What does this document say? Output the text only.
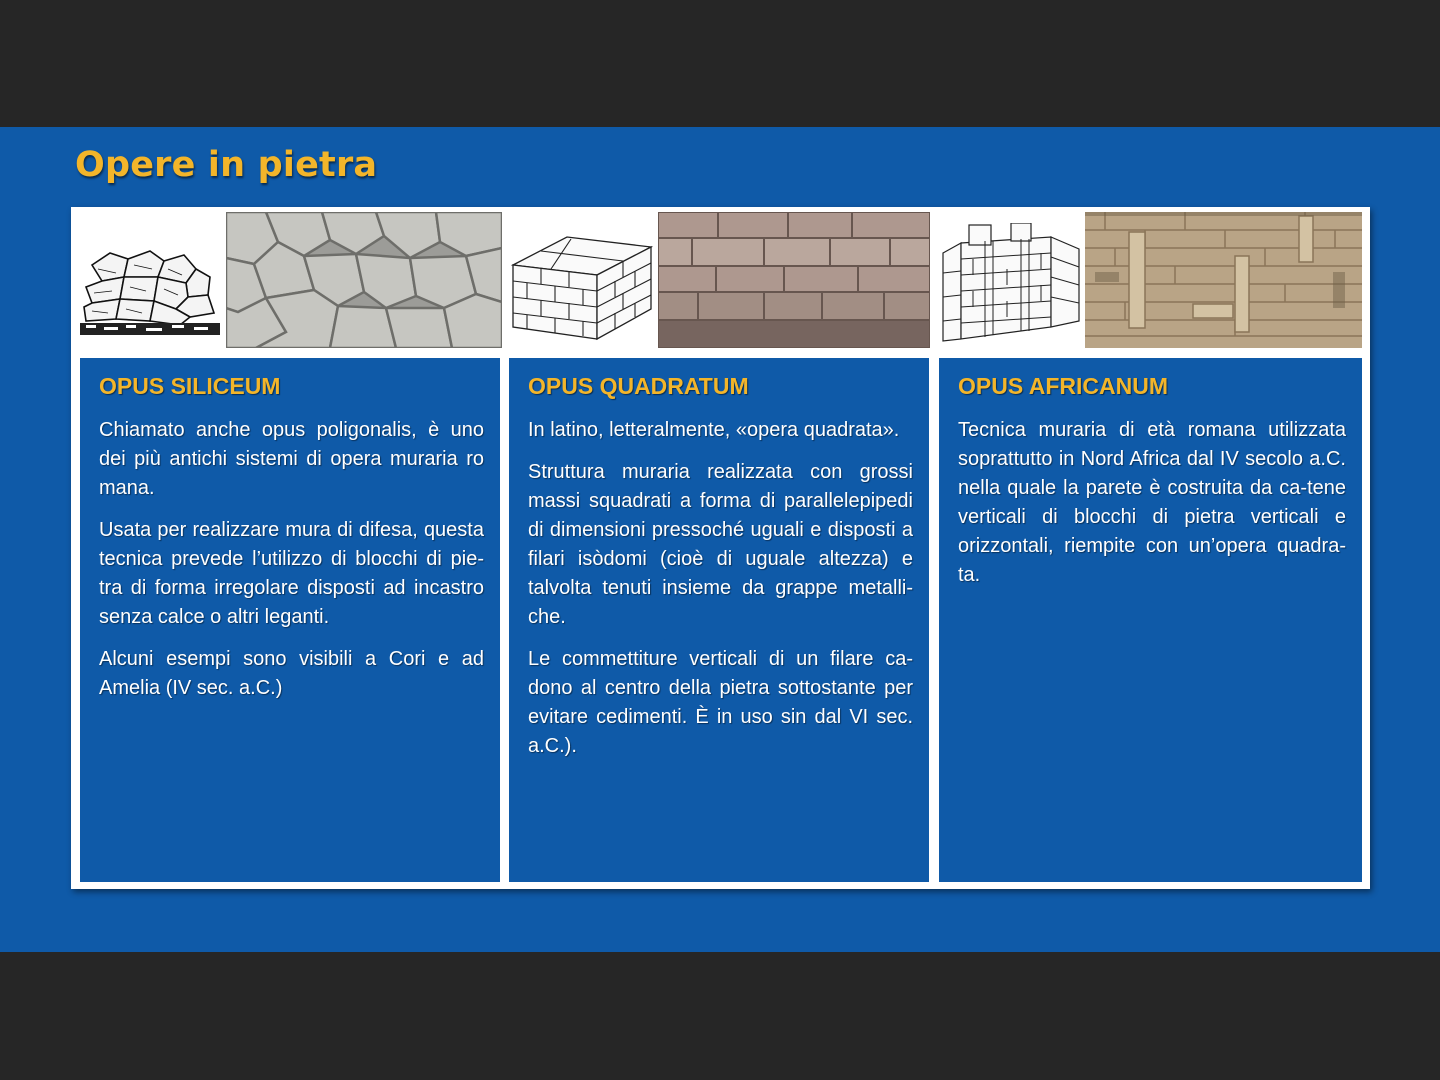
Opere in pietra
OPUS SILICEUM

Chiamato anche opus poligonalis, è uno dei più antichi sistemi di opera muraria ro mana.

Usata per realizzare mura di difesa, questa tecnica prevede l’utilizzo di blocchi di pie-tra di forma irregolare disposti ad incastro senza calce o altri leganti.

Alcuni esempi sono visibili a Cori e ad Amelia (IV sec. a.C.)

OPUS QUADRATUM

In latino, letteralmente, «opera quadrata».

Struttura muraria realizzata con grossi massi squadrati a forma di parallelepipedi di dimensioni pressoché uguali e disposti a filari isòdomi (cioè di uguale altezza) e talvolta tenuti insieme da grappe metalli-che.

Le commettiture verticali di un filare ca-dono al centro della pietra sottostante per evitare cedimenti. È in uso sin dal VI sec. a.C.).

OPUS AFRICANUM

Tecnica muraria di età romana utilizzata soprattutto in Nord Africa dal IV secolo a.C. nella quale la parete è costruita da ca-tene verticali di blocchi di pietra verticali e orizzontali, riempite con un’opera quadra-ta.
